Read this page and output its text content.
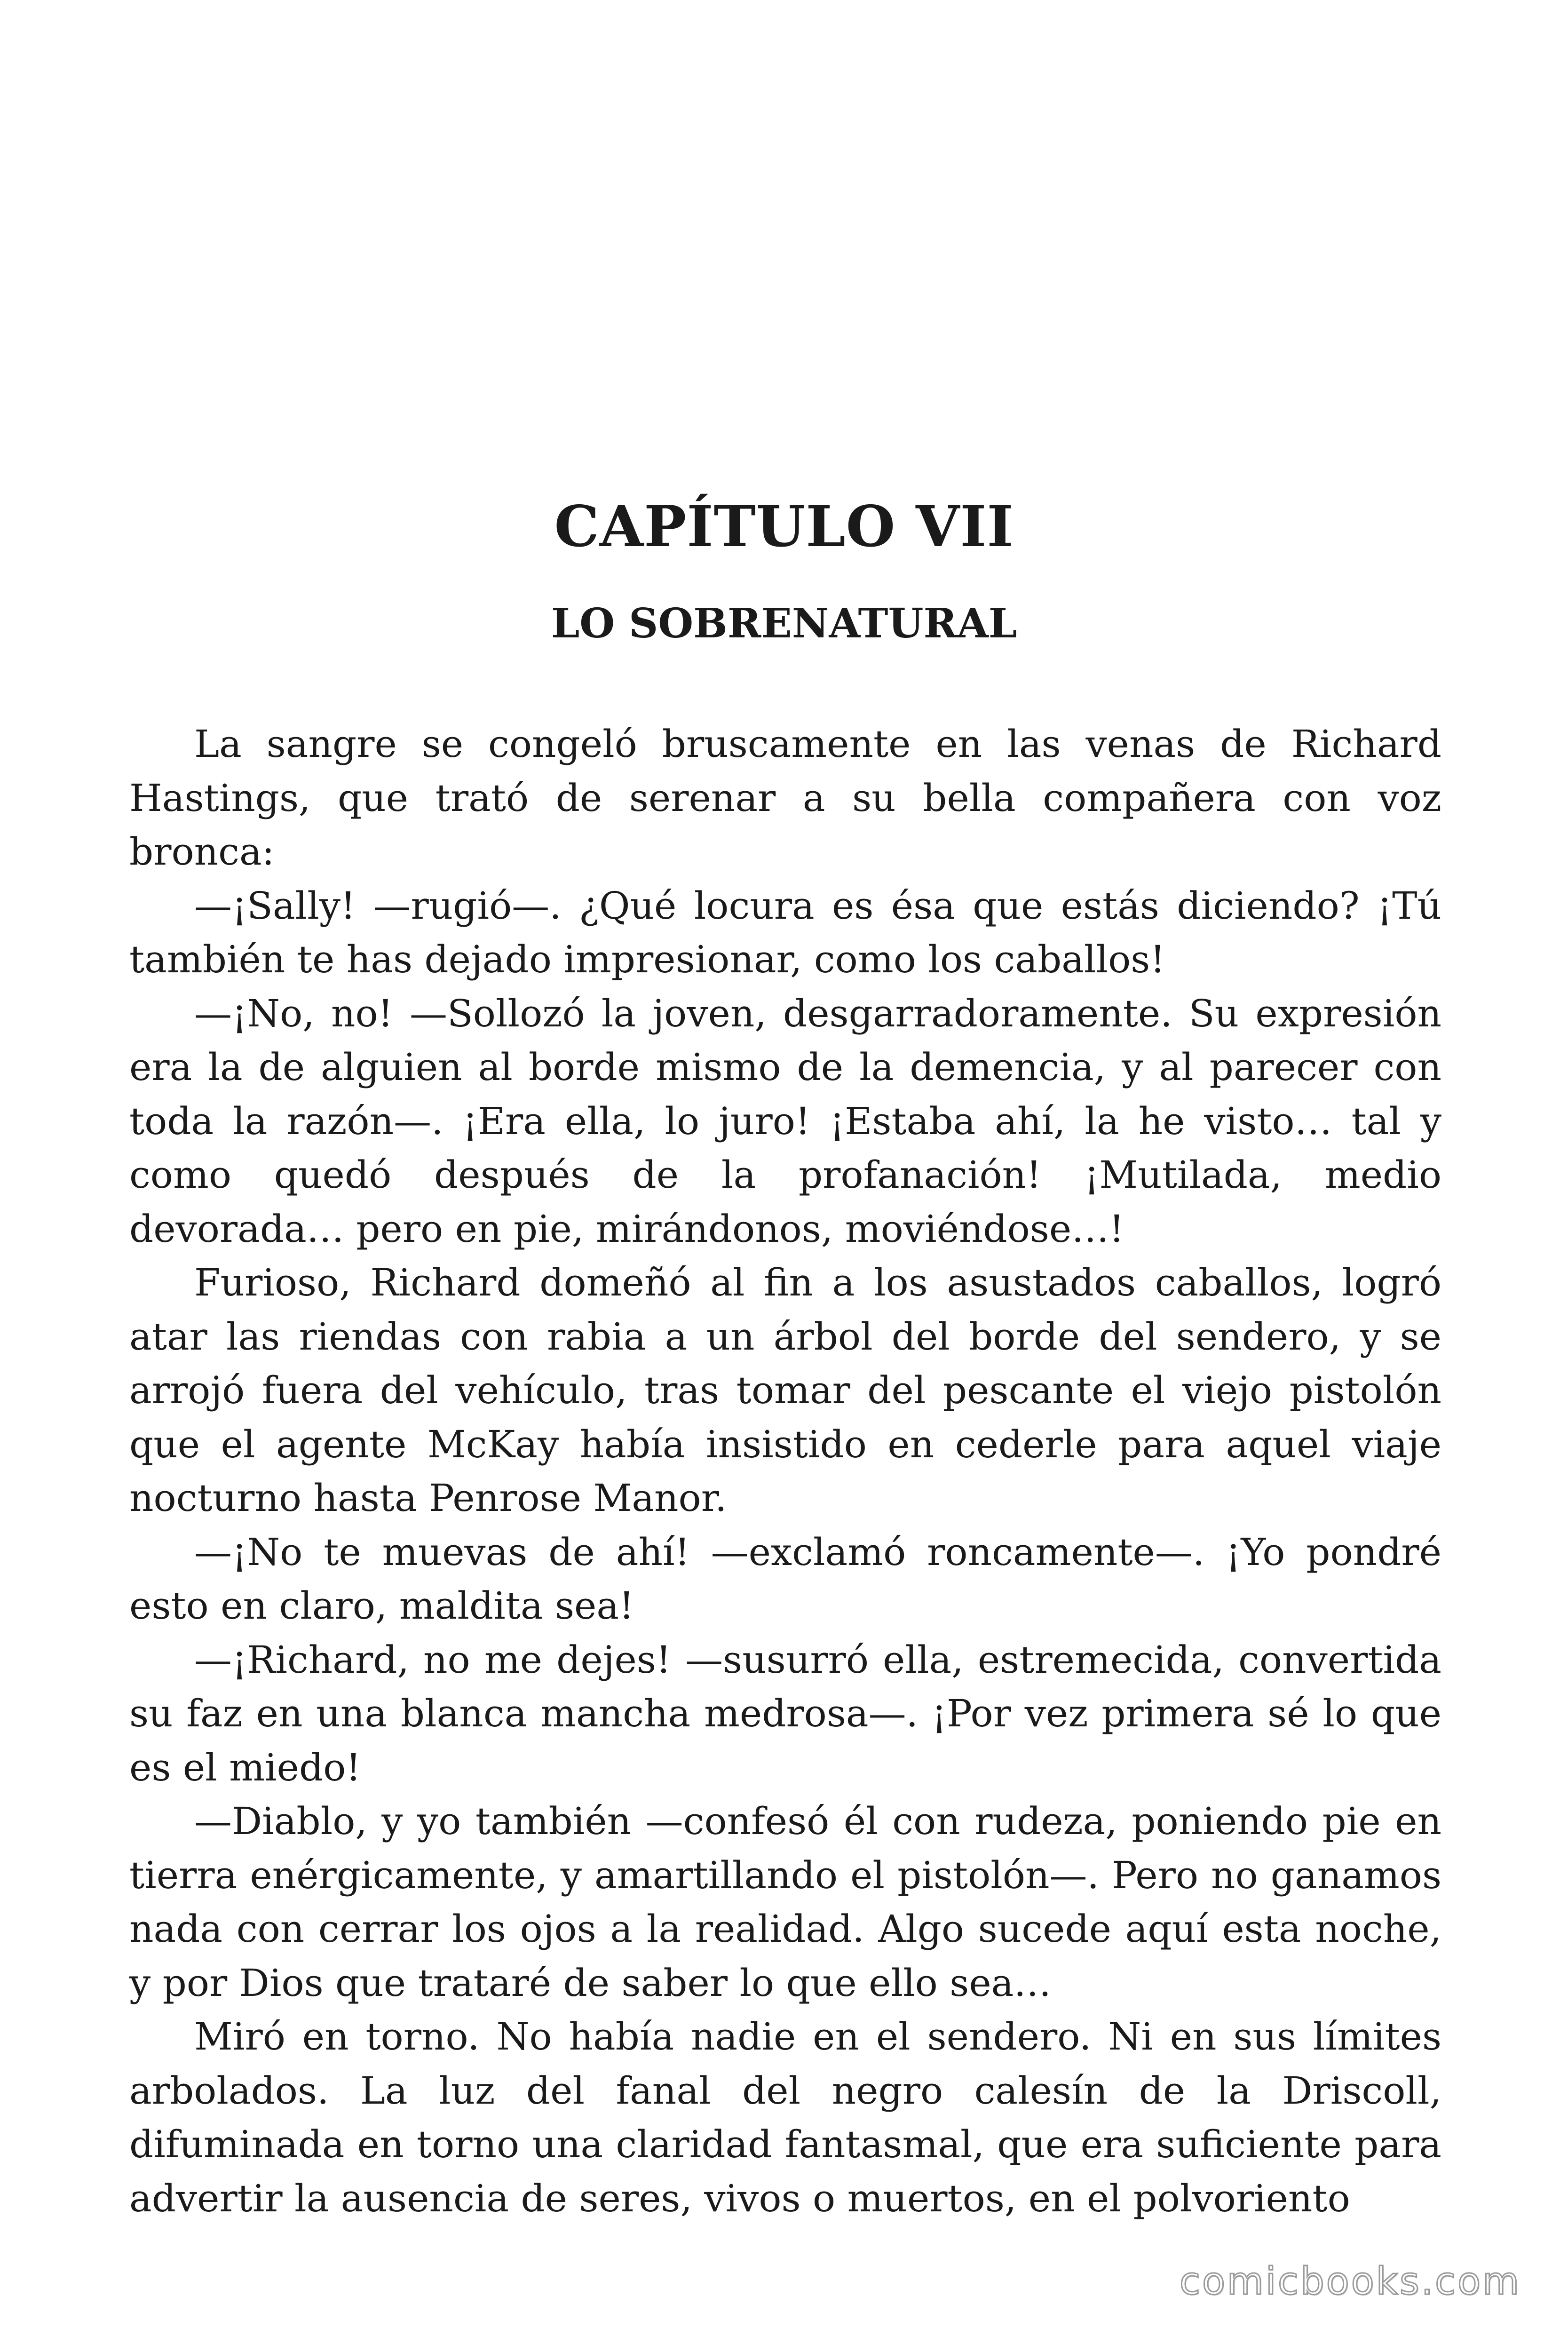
CAPÍTULO VII
LO SOBRENATURAL

La sangre se congeló bruscamente en las venas de Richard Hastings, que trató de serenar a su bella compañera con voz bronca:

—¡Sally! —rugió—. ¿Qué locura es ésa que estás diciendo? ¡Tú también te has dejado impresionar, como los caballos!

—¡No, no! —Sollozó la joven, desgarradoramente. Su expresión era la de alguien al borde mismo de la demencia, y al parecer con toda la razón—. ¡Era ella, lo juro! ¡Estaba ahí, la he visto… tal y como quedó después de la profanación! ¡Mutilada, medio devorada… pero en pie, mirándonos, moviéndose…!

Furioso, Richard domeñó al fin a los asustados caballos, logró atar las riendas con rabia a un árbol del borde del sendero, y se arrojó fuera del vehículo, tras tomar del pescante el viejo pistolón que el agente McKay había insistido en cederle para aquel viaje nocturno hasta Penrose Manor.

—¡No te muevas de ahí! —exclamó roncamente—. ¡Yo pondré esto en claro, maldita sea!

—¡Richard, no me dejes! —susurró ella, estremecida, convertida su faz en una blanca mancha medrosa—. ¡Por vez primera sé lo que es el miedo!

—Diablo, y yo también —confesó él con rudeza, poniendo pie en tierra enérgicamente, y amartillando el pistolón—. Pero no ganamos nada con cerrar los ojos a la realidad. Algo sucede aquí esta noche, y por Dios que trataré de saber lo que ello sea…

Miró en torno. No había nadie en el sendero. Ni en sus límites arbolados. La luz del fanal del negro calesín de la Driscoll, difuminada en torno una claridad fantasmal, que era suficiente para advertir la ausencia de seres, vivos o muertos, en el polvoriento

comicbooks.com
